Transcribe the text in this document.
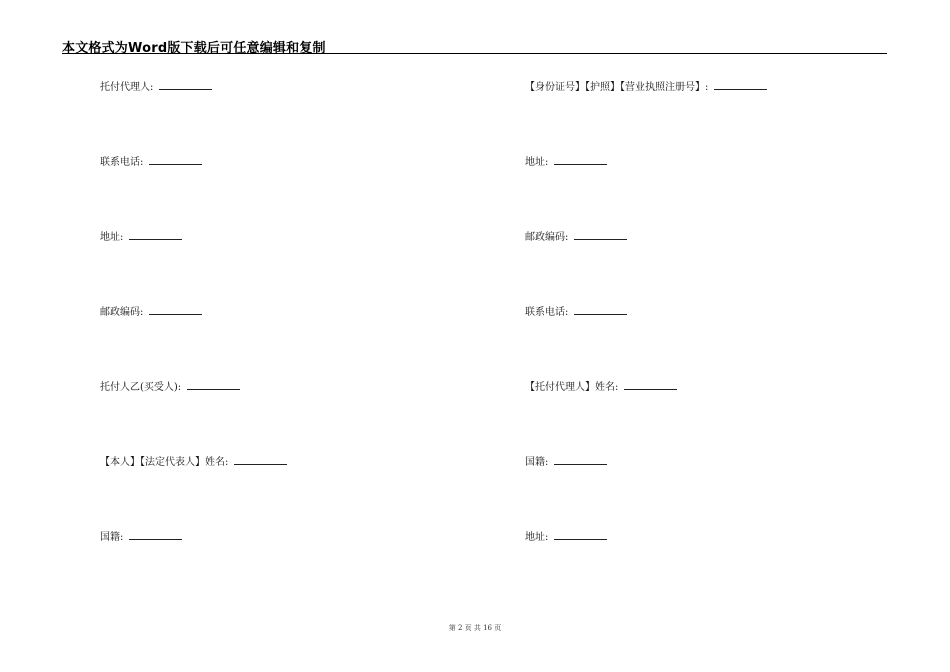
本文格式为Word版下载后可任意编辑和复制
托付代理人:
联系电话:
地址:
邮政编码:
托付人乙(买受人):
【本人】【法定代表人】姓名:
国籍:
【身份证号】【护照】【营业执照注册号】:
地址:
邮政编码:
联系电话:
【托付代理人】姓名:
国籍:
地址:
第 2 页 共 16 页
